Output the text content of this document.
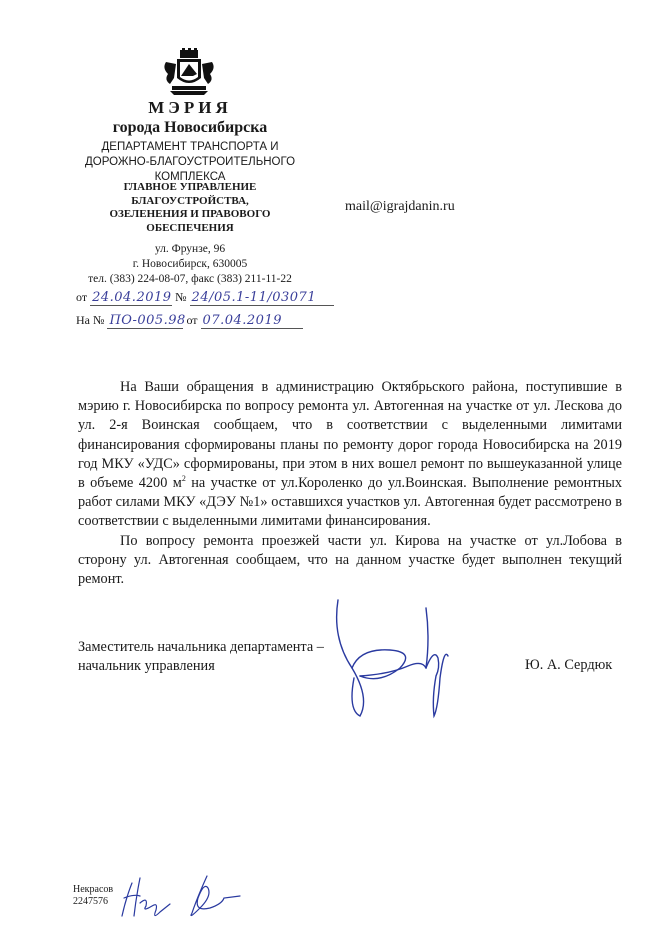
МЭРИЯ
города Новосибирска
ДЕПАРТАМЕНТ ТРАНСПОРТА И
ДОРОЖНО-БЛАГОУСТРОИТЕЛЬНОГО
КОМПЛЕКСА
ГЛАВНОЕ УПРАВЛЕНИЕ
БЛАГОУСТРОЙСТВА,
ОЗЕЛЕНЕНИЯ И ПРАВОВОГО
ОБЕСПЕЧЕНИЯ
ул. Фрунзе, 96
г. Новосибирск, 630005
тел. (383) 224-08-07, факс (383) 211-11-22
mail@igrajdanin.ru
от 24.04.2019 № 24/05.1-11/03071
На № ПО-005.98 от 07.04.2019

На Ваши обращения в администрацию Октябрьского района, поступившие в мэрию г. Новосибирска по вопросу ремонта ул. Автогенная на участке от ул. Лескова до ул. 2-я Воинская сообщаем, что в соответствии с выделенными лимитами финансирования сформированы планы по ремонту дорог города Новосибирска на 2019 год МКУ «УДС» сформированы, при этом в них вошел ремонт по вышеуказанной улице в объеме 4200 $м^2$ на участке от ул.Короленко до ул.Воинская. Выполнение ремонтных работ силами МКУ «ДЭУ №1» оставшихся участков ул. Автогенная будет рассмотрено в соответствии с выделенными лимитами финансирования.

По вопросу ремонта проезжей части ул. Кирова на участке от ул.Лобова в сторону ул. Автогенная сообщаем, что на данном участке будет выполнен текущий ремонт.

Заместитель начальника департамента –
начальник управления	Ю. А. Сердюк
Некрасов
2247576
